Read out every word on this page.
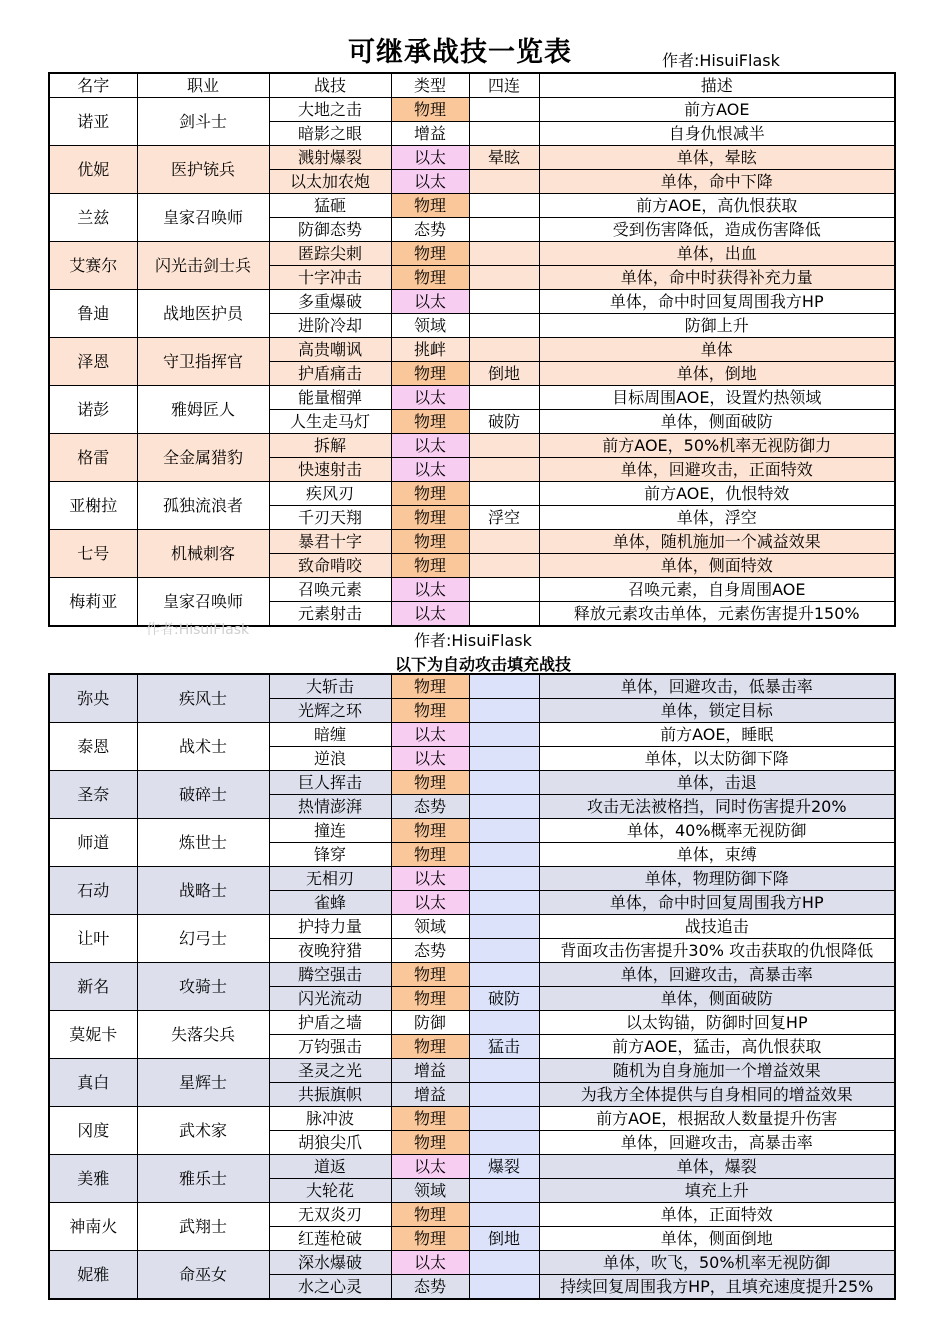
可继承战技一览表	作者:HisuiFlask
名字	职业	战技	类型	四连	描述
诺亚	剑斗士	大地之击	物理		前方AOE
		暗影之眼	增益		自身仇恨减半
优妮	医护铳兵	溅射爆裂	以太	晕眩	单体，晕眩
		以太加农炮	以太		单体，命中下降
兰兹	皇家召唤师	猛砸	物理		前方AOE，高仇恨获取
		防御态势	态势		受到伤害降低，造成伤害降低
艾赛尔	闪光击剑士兵	匿踪尖刺	物理		单体，出血
		十字冲击	物理		单体，命中时获得补充力量
鲁迪	战地医护员	多重爆破	以太		单体，命中时回复周围我方HP
		进阶冷却	领域		防御上升
泽恩	守卫指挥官	高贵嘲讽	挑衅		单体
		护盾痛击	物理	倒地	单体，倒地
诺彭	雅姆匠人	能量榴弹	以太		目标周围AOE，设置灼热领域
		人生走马灯	物理	破防	单体，侧面破防
格雷	全金属猎豹	拆解	以太		前方AOE，50%机率无视防御力
		快速射击	以太		单体，回避攻击，正面特效
亚榭拉	孤独流浪者	疾风刃	物理		前方AOE，仇恨特效
		千刃天翔	物理	浮空	单体，浮空
七号	机械刺客	暴君十字	物理		单体，随机施加一个减益效果
		致命啃咬	物理		单体，侧面特效
梅莉亚	皇家召唤师	召唤元素	以太		召唤元素，自身周围AOE
		元素射击	以太		释放元素攻击单体，元素伤害提升150%
作者:HisuiFlask
作者:HisuiFlask
以下为自动攻击填充战技
弥央	疾风士	大斩击	物理		单体，回避攻击，低暴击率
		光辉之环	物理		单体，锁定目标
泰恩	战术士	暗缠	以太		前方AOE，睡眠
		逆浪	以太		单体，以太防御下降
圣奈	破碎士	巨人挥击	物理		单体，击退
		热情澎湃	态势		攻击无法被格挡，同时伤害提升20%
师道	炼世士	撞连	物理		单体，40%概率无视防御
		锋穿	物理		单体，束缚
石动	战略士	无相刃	以太		单体，物理防御下降
		雀蜂	以太		单体，命中时回复周围我方HP
让叶	幻弓士	护持力量	领域		战技追击
		夜晚狩猎	态势		背面攻击伤害提升30% 攻击获取的仇恨降低
新名	攻骑士	腾空强击	物理		单体，回避攻击，高暴击率
		闪光流动	物理	破防	单体，侧面破防
莫妮卡	失落尖兵	护盾之墙	防御		以太钩锚，防御时回复HP
		万钧强击	物理	猛击	前方AOE，猛击，高仇恨获取
真白	星辉士	圣灵之光	增益		随机为自身施加一个增益效果
		共振旗帜	增益		为我方全体提供与自身相同的增益效果
冈度	武术家	脉冲波	物理		前方AOE，根据敌人数量提升伤害
		胡狼尖爪	物理		单体，回避攻击，高暴击率
美雅	雅乐士	道返	以太	爆裂	单体，爆裂
		大轮花	领域		填充上升
神南火	武翔士	无双炎刃	物理		单体，正面特效
		红莲枪破	物理	倒地	单体，侧面倒地
妮雅	命巫女	深水爆破	以太		单体，吹飞，50%机率无视防御
		水之心灵	态势		持续回复周围我方HP，且填充速度提升25%
